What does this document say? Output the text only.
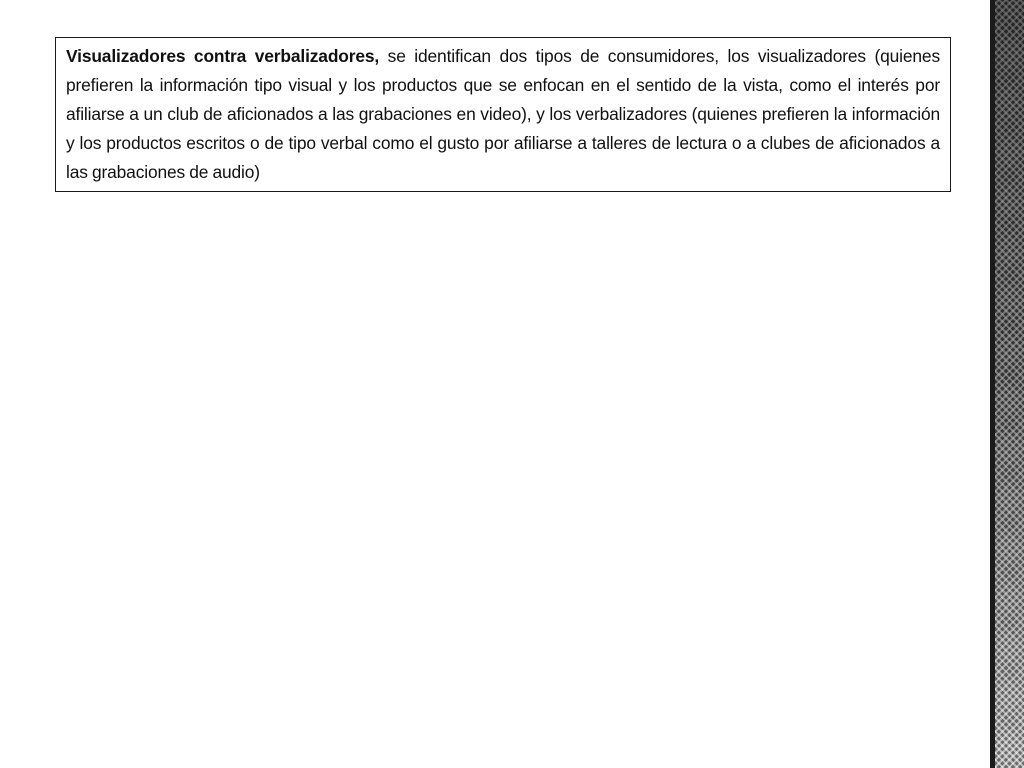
Visualizadores contra verbalizadores, se identifican dos tipos de consumidores, los visualizadores (quienes prefieren la información tipo visual y los productos que se enfocan en el sentido de la vista, como el interés por afiliarse a un club de aficionados a las grabaciones en video), y los verbalizadores (quienes prefieren la información y los productos escritos o de tipo verbal como el gusto por afiliarse a talleres de lectura o a clubes de aficionados a las grabaciones de audio)
